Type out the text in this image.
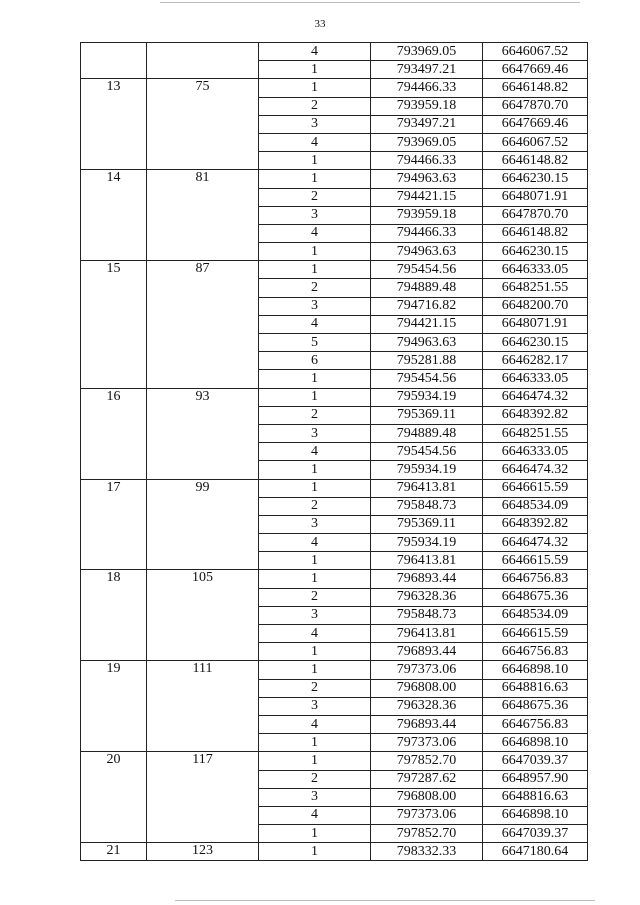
33
		4	793969.05	6646067.52
		1	793497.21	6647669.46
13	75	1	794466.33	6646148.82
		2	793959.18	6647870.70
		3	793497.21	6647669.46
		4	793969.05	6646067.52
		1	794466.33	6646148.82
14	81	1	794963.63	6646230.15
		2	794421.15	6648071.91
		3	793959.18	6647870.70
		4	794466.33	6646148.82
		1	794963.63	6646230.15
15	87	1	795454.56	6646333.05
		2	794889.48	6648251.55
		3	794716.82	6648200.70
		4	794421.15	6648071.91
		5	794963.63	6646230.15
		6	795281.88	6646282.17
		1	795454.56	6646333.05
16	93	1	795934.19	6646474.32
		2	795369.11	6648392.82
		3	794889.48	6648251.55
		4	795454.56	6646333.05
		1	795934.19	6646474.32
17	99	1	796413.81	6646615.59
		2	795848.73	6648534.09
		3	795369.11	6648392.82
		4	795934.19	6646474.32
		1	796413.81	6646615.59
18	105	1	796893.44	6646756.83
		2	796328.36	6648675.36
		3	795848.73	6648534.09
		4	796413.81	6646615.59
		1	796893.44	6646756.83
19	111	1	797373.06	6646898.10
		2	796808.00	6648816.63
		3	796328.36	6648675.36
		4	796893.44	6646756.83
		1	797373.06	6646898.10
20	117	1	797852.70	6647039.37
		2	797287.62	6648957.90
		3	796808.00	6648816.63
		4	797373.06	6646898.10
		1	797852.70	6647039.37
21	123	1	798332.33	6647180.64
